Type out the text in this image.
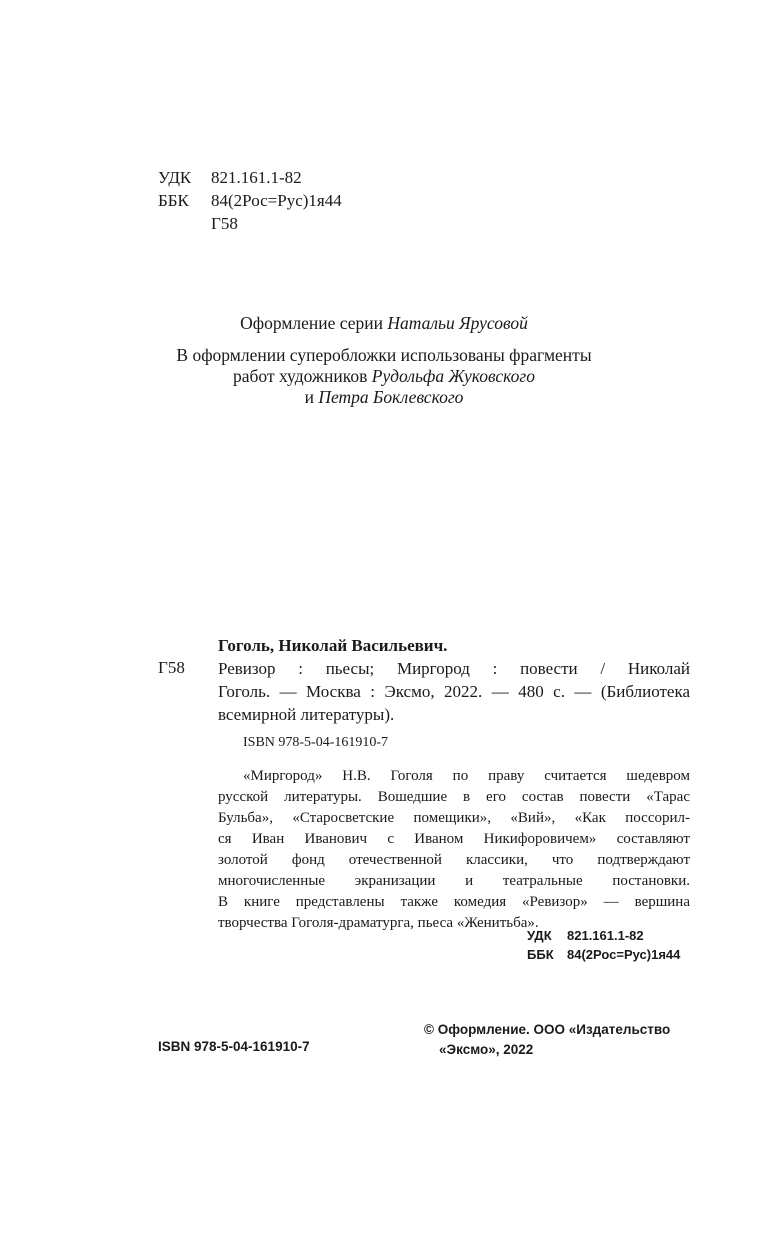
УДК 821.161.1-82
ББК 84(2Рос=Рус)1я44
Г58
Оформление серии Натальи Ярусовой
В оформлении суперобложки использованы фрагменты
работ художников Рудольфа Жуковского
и Петра Боклевского
Гоголь, Николай Васильевич.
Г58 Ревизор : пьесы; Миргород : повести / Николай
Гоголь. — Москва : Эксмо, 2022. — 480 с. — (Библиотека
всемирной литературы).
ISBN 978-5-04-161910-7
«Миргород» Н.В. Гоголя по праву считается шедевром
русской литературы. Вошедшие в его состав повести «Тарас
Бульба», «Старосветские помещики», «Вий», «Как поссорил-
ся Иван Иванович с Иваном Никифоровичем» составляют
золотой фонд отечественной классики, что подтверждают
многочисленные экранизации и театральные постановки.
В книге представлены также комедия «Ревизор» — вершина
творчества Гоголя-драматурга, пьеса «Женитьба».
УДК 821.161.1-82
ББК 84(2Рос=Рус)1я44
ISBN 978-5-04-161910-7
© Оформление. ООО «Издательство
«Эксмо», 2022
